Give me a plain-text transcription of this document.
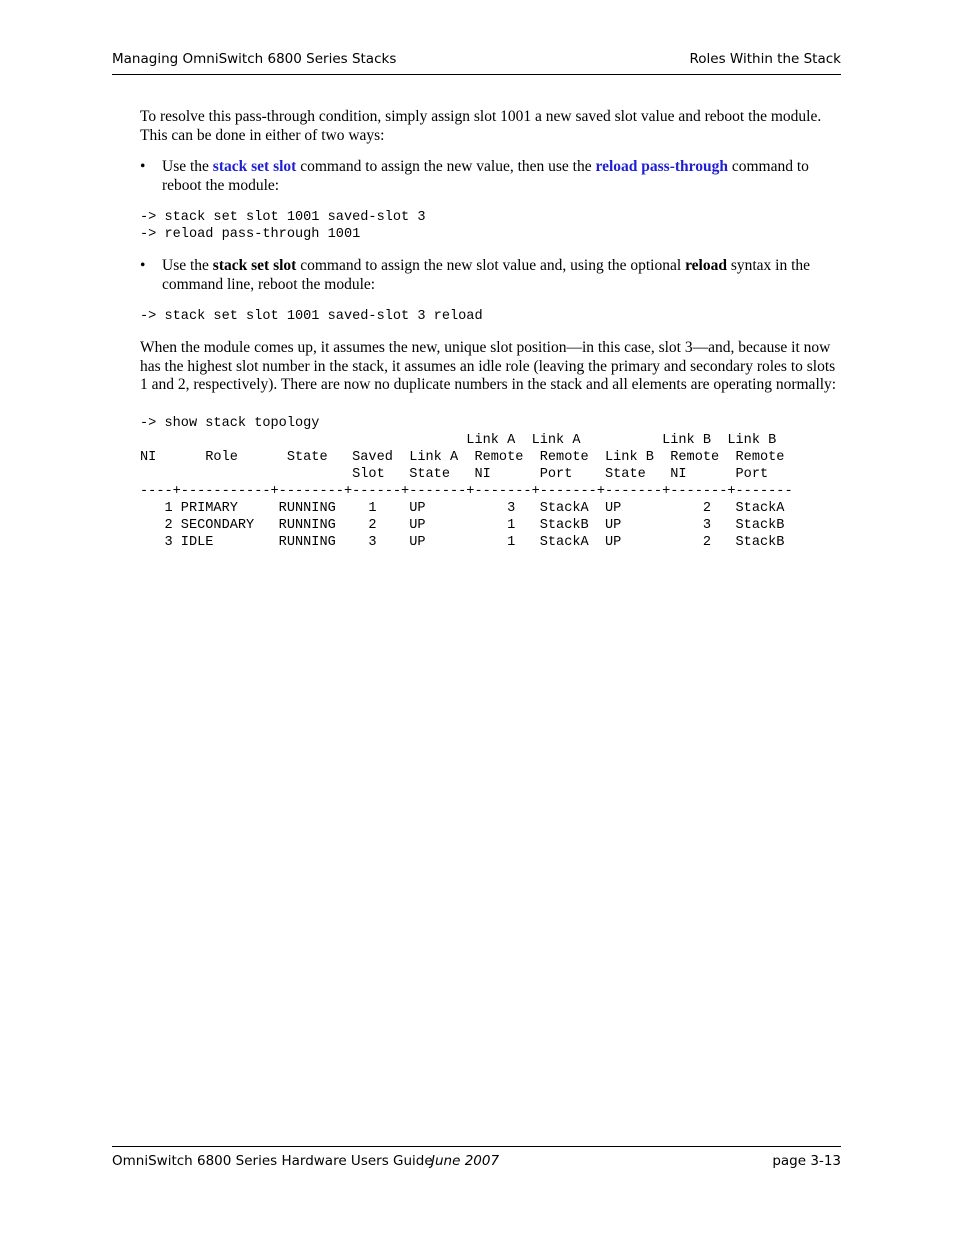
Managing OmniSwitch 6800 Series Stacks	Roles Within the Stack

To resolve this pass-through condition, simply assign slot 1001 a new saved slot value and reboot the module. This can be done in either of two ways:

• Use the stack set slot command to assign the new value, then use the reload pass-through command to reboot the module:
-> stack set slot 1001 saved-slot 3
-> reload pass-through 1001
• Use the stack set slot command to assign the new slot value and, using the optional reload syntax in the command line, reboot the module:
-> stack set slot 1001 saved-slot 3 reload

When the module comes up, it assumes the new, unique slot position—in this case, slot 3—and, because it now has the highest slot number in the stack, it assumes an idle role (leaving the primary and secondary roles to slots 1 and 2, respectively). There are now no duplicate numbers in the stack and all elements are operating normally:

-> show stack topology
Link A  Link A          Link B  Link B
NI      Role      State   Saved  Link A  Remote  Remote  Link B  Remote  Remote
Slot   State   NI      Port    State   NI      Port
----+-----------+--------+------+-------+-------+-------+-------+-------+-------
1 PRIMARY     RUNNING    1    UP          3   StackA  UP          2   StackA
2 SECONDARY   RUNNING    2    UP          1   StackB  UP          3   StackB
3 IDLE        RUNNING    3    UP          1   StackA  UP          2   StackB
OmniSwitch 6800 Series Hardware Users Guide
June 2007	page 3-13
